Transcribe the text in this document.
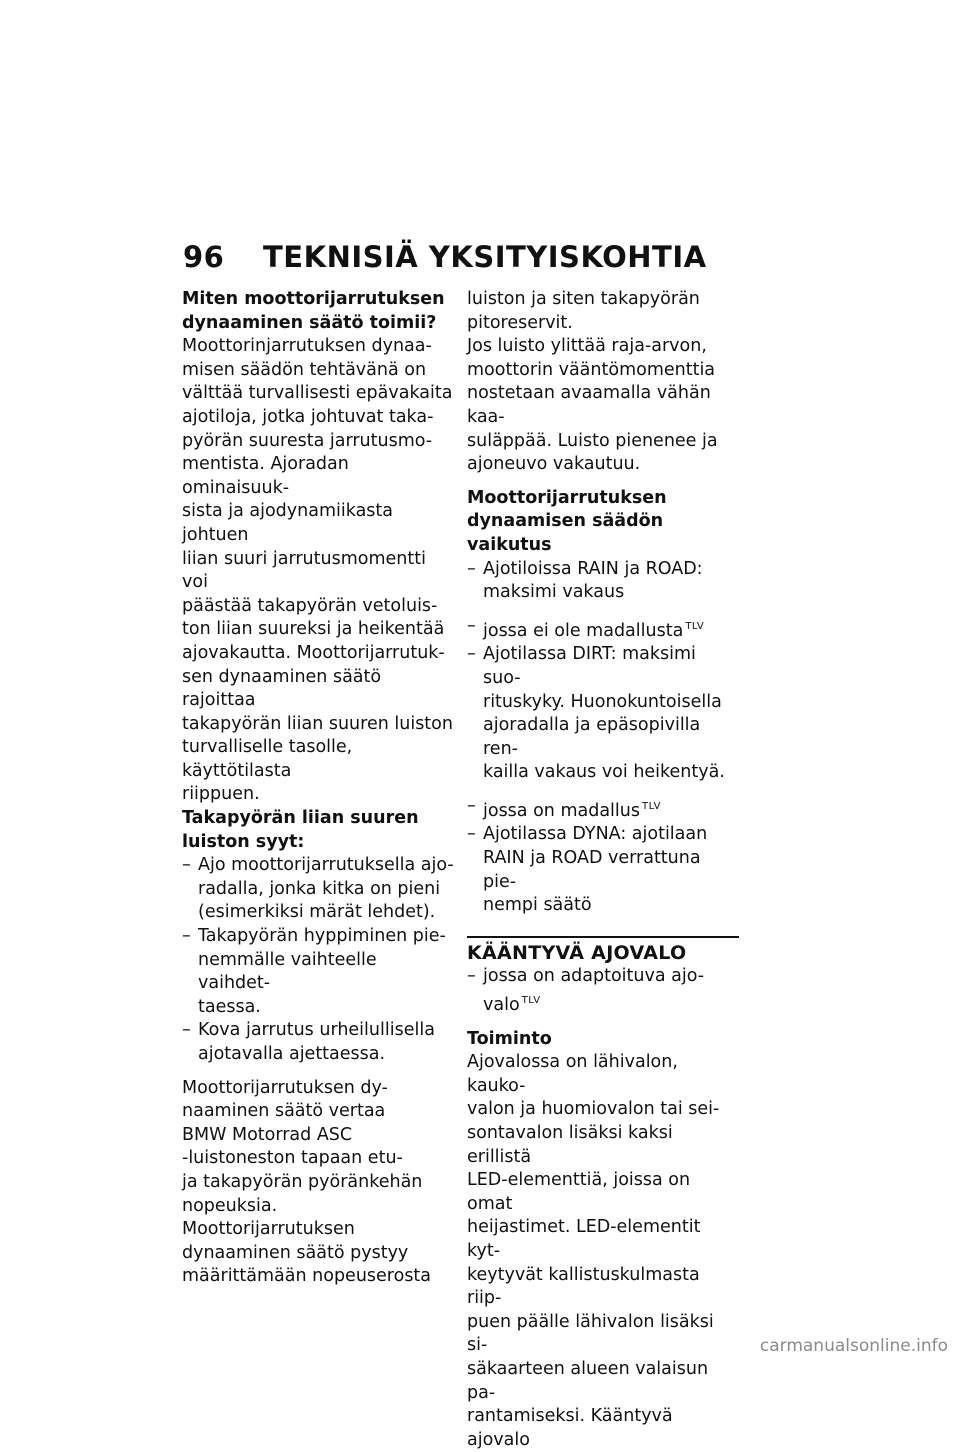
96 TEKNISIÄ YKSITYISKOHTIA

Miten moottorijarrutuksen

dynaaminen säätö toimii?

Moottorinjarrutuksen dynaa-

misen säädön tehtävänä on

välttää turvallisesti epävakaita

ajotiloja, jotka johtuvat taka-

pyörän suuresta jarrutusmo-

mentista. Ajoradan ominaisuuk-

sista ja ajodynamiikasta johtuen

liian suuri jarrutusmomentti voi

päästää takapyörän vetoluis-

ton liian suureksi ja heikentää

ajovakautta. Moottorijarrutuk-

sen dynaaminen säätö rajoittaa

takapyörän liian suuren luiston

turvalliselle tasolle, käyttötilasta

riippuen.

Takapyörän liian suuren

luiston syyt:

– Ajo moottorijarrutuksella ajo-

radalla, jonka kitka on pieni

(esimerkiksi märät lehdet).

– Takapyörän hyppiminen pie-

nemmälle vaihteelle vaihdet-

taessa.

– Kova jarrutus urheilullisella

ajotavalla ajettaessa.

Moottorijarrutuksen dy-

naaminen säätö vertaa

BMW Motorrad ASC

-luistoneston tapaan etu-

ja takapyörän pyöränkehän

nopeuksia. Moottorijarrutuksen

dynaaminen säätö pystyy

määrittämään nopeuserosta

luiston ja siten takapyörän

pitoreservit.

Jos luisto ylittää raja-arvon,

moottorin vääntömomenttia

nostetaan avaamalla vähän kaa-

suläppää. Luisto pienenee ja

ajoneuvo vakautuu.

Moottorijarrutuksen

dynaamisen säädön vaikutus

– Ajotiloissa RAIN ja ROAD:

maksimi vakaus

– jossa ei ole madallusta $^{TLV}$

– Ajotilassa DIRT: maksimi suo-

rituskyky. Huonokuntoisella

ajoradalla ja epäsopivilla ren-

kailla vakaus voi heikentyä.

– jossa on madallus $^{TLV}$

– Ajotilassa DYNA: ajotilaan

RAIN ja ROAD verrattuna pie-

nempi säätö

KÄÄNTYVÄ AJOVALO

– jossa on adaptoituva ajo-

valo $^{TLV}$

Toiminto

Ajovalossa on lähivalon, kauko-

valon ja huomiovalon tai sei-

sontavalon lisäksi kaksi erillistä

LED-elementtiä, joissa on omat

heijastimet. LED-elementit kyt-

keytyvät kallistuskulmasta riip-

puen päälle lähivalon lisäksi si-

säkaarteen alueen valaisun pa-

rantamiseksi. Kääntyvä ajovalo

carmanualsonline.info
